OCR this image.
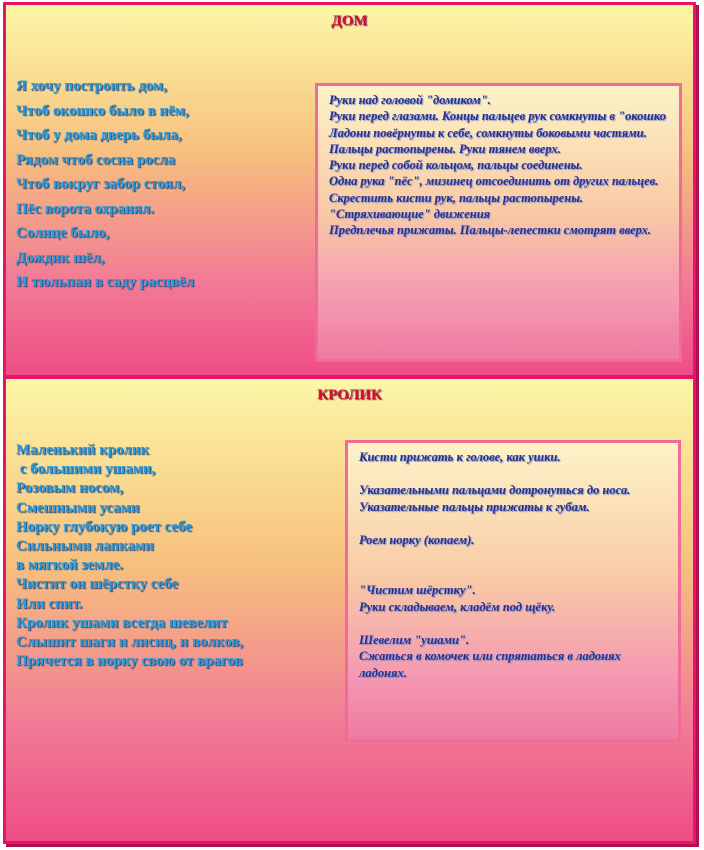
ДОМ
Я хочу построить дом,
Чтоб окошко было в нём,
Чтоб у дома дверь была,
Рядом чтоб сосна росла
Чтоб вокруг забор стоял,
Пёс ворота охранял.
Солнце было,
Дождик шёл,
И тюльпан в саду расцвёл

Руки над головой "домиком".

Руки перед глазами. Концы пальцев рук сомкнуты в "окошко

Ладони повёрнуты к себе, сомкнуты боковыми частями.

Пальцы растопырены. Руки тянем вверх.

Руки перед собой кольцом, пальцы соединены.

Одна рука "пёс", мизинец отсоединить от других пальцев.

Скрестить кисти рук, пальцы растопырены.

"Стряхивающие" движения

Предплечья прижаты. Пальцы-лепестки смотрят вверх.

КРОЛИК
Маленький кролик
с большими ушами,
Розовым носом,
Смешными усами
Норку глубокую роет себе
Сильными лапками
в мягкой земле.
Чистит он шёрстку себе
Или спит.
Кролик ушами всегда шевелит
Слышит шаги и лисиц, и волков,
Прячется в норку свою от врагов

Кисти прижать к голове, как ушки.

Указательными пальцами дотронуться до носа.

Указательные пальцы прижаты к губам.

Роем норку (копаем).

"Чистим шёрстку".

Руки складываем, кладём под щёку.

Шевелим "ушами".

Сжаться в комочек или спрятаться в ладонях ладонях.
